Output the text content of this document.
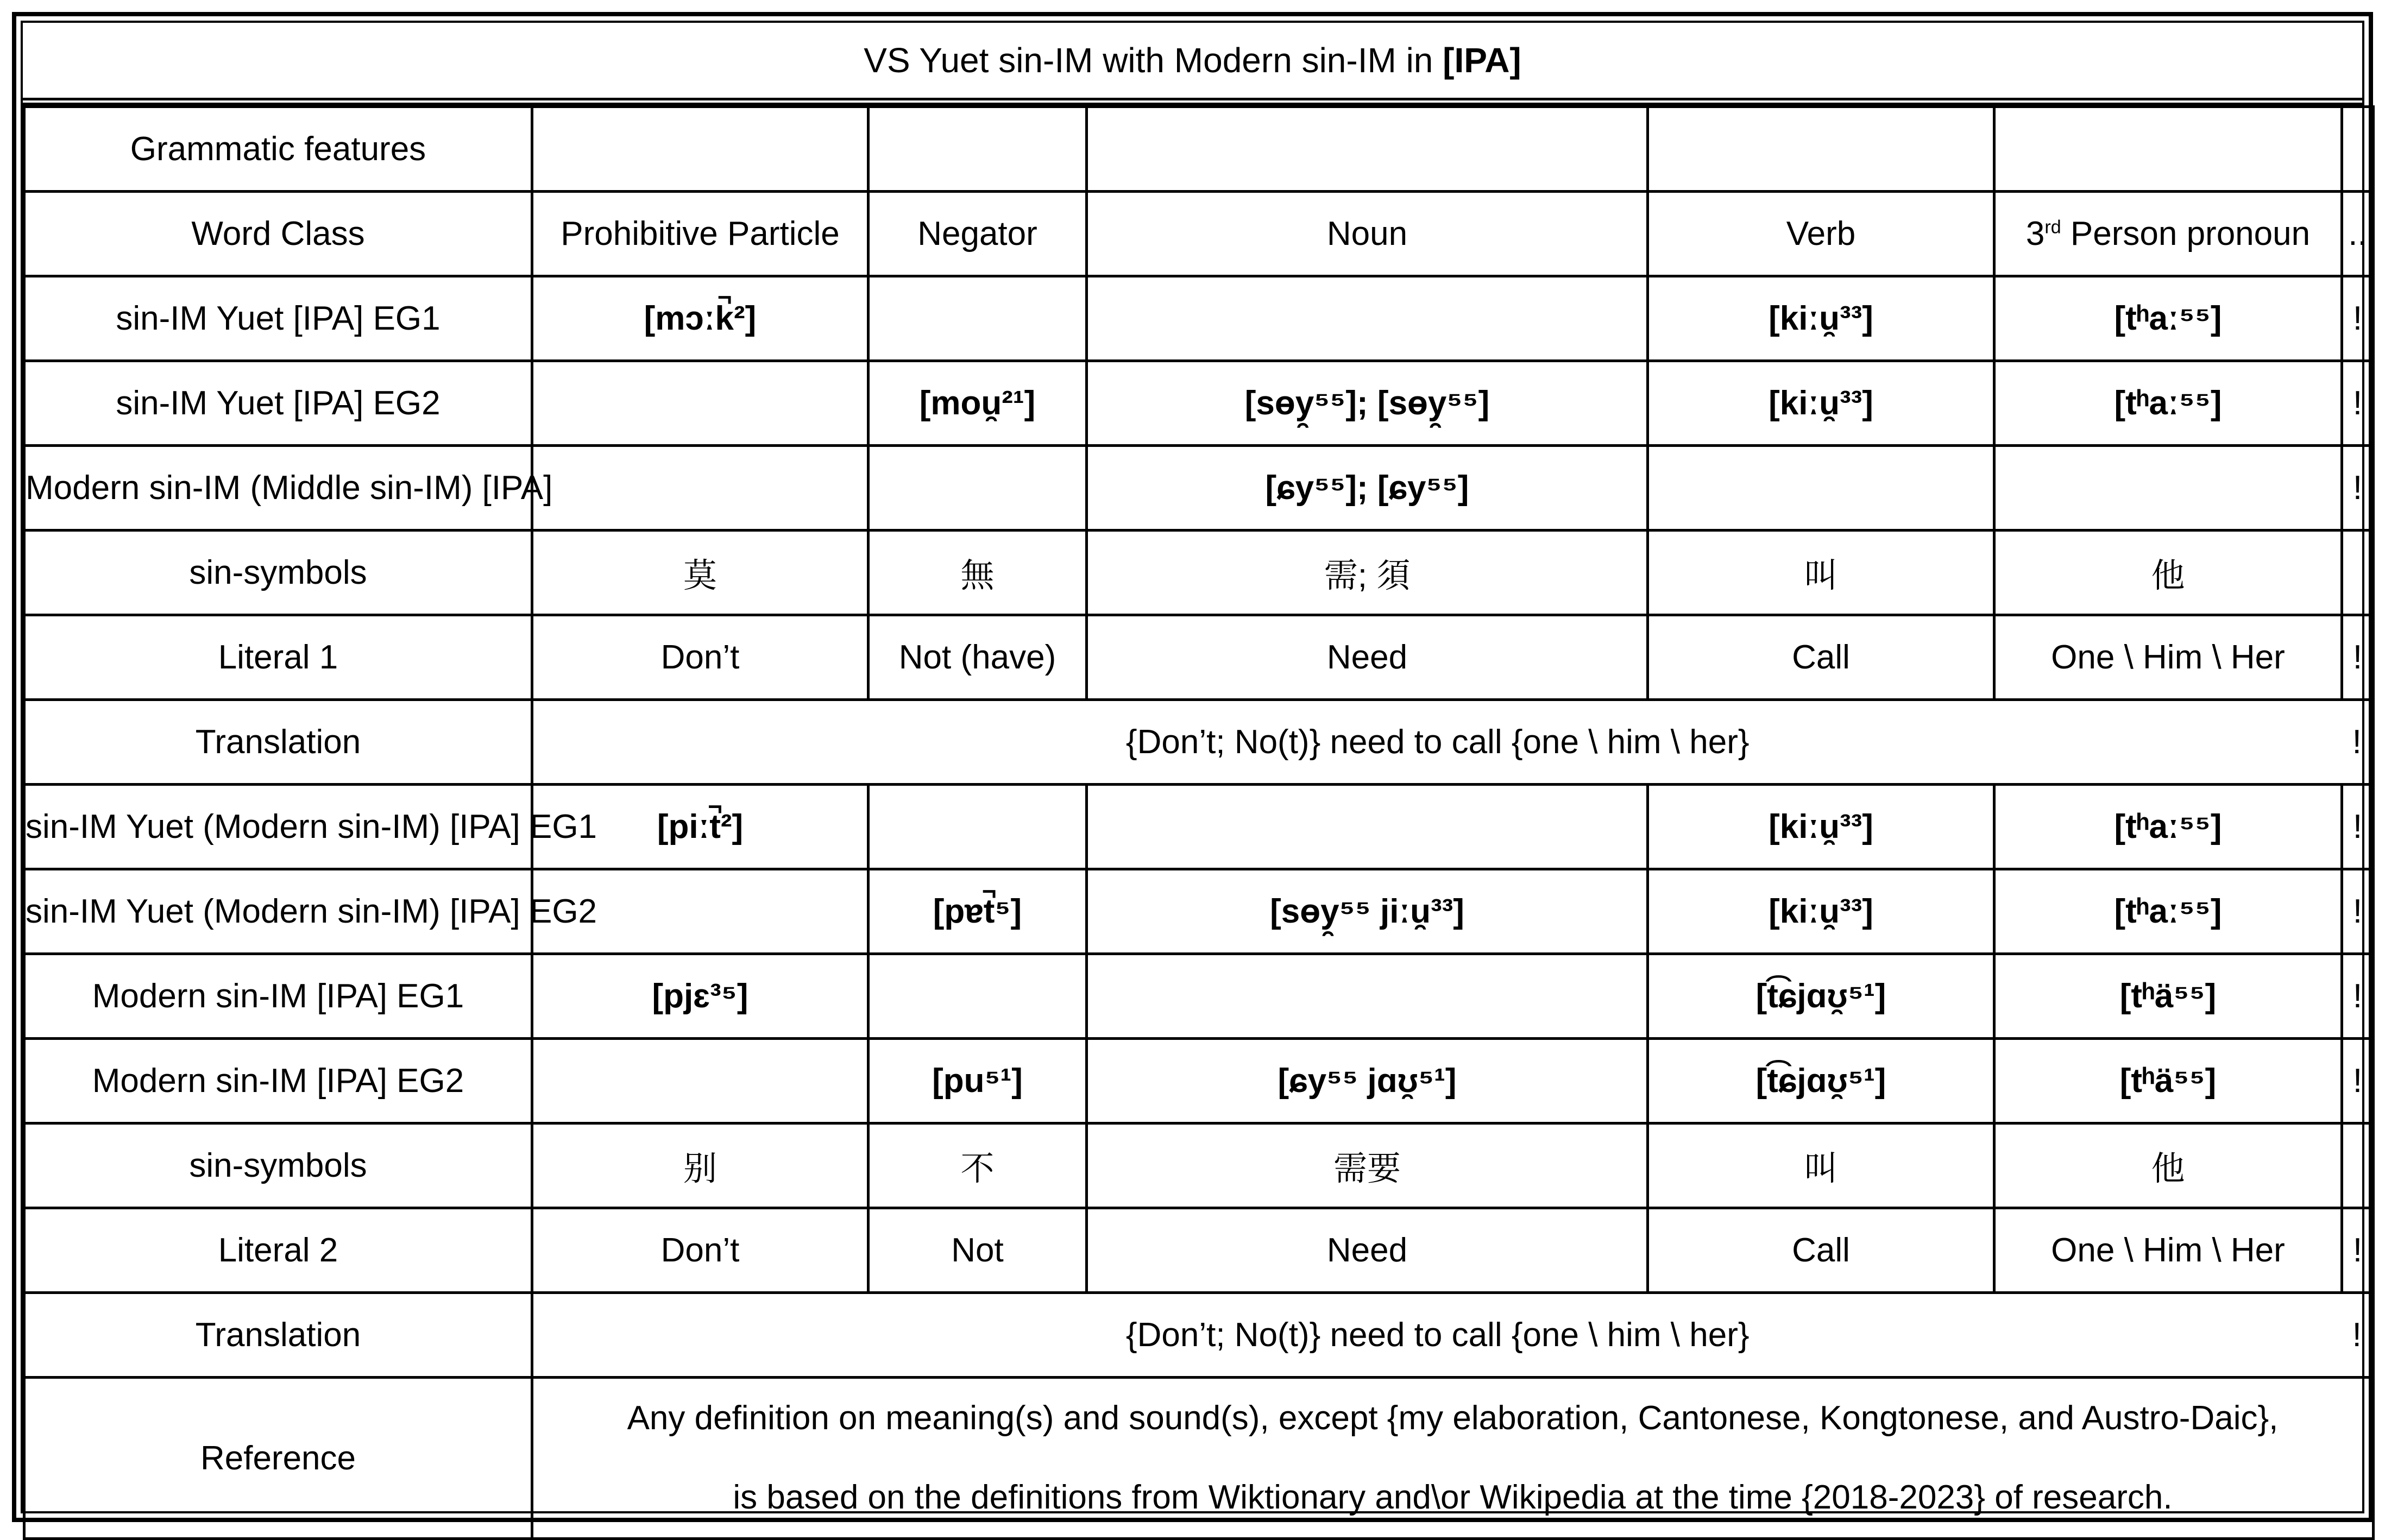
VS Yuet sin-IM with Modern sin-IM in
[IPA]
Grammatic features						
Word Class	Prohibitive Particle	Negator	Noun	Verb	3rd Person pronoun	..
sin-IM Yuet [IPA] EG1	[mɔːk̚²]			[kiːu̯³³]	[tʰaː⁵⁵]	!
sin-IM Yuet [IPA] EG2		[mou̯²¹]	[sɵy̯⁵⁵]; [sɵy̯⁵⁵]	[kiːu̯³³]	[tʰaː⁵⁵]	!
Modern sin-IM (Middle sin-IM) [IPA]			[ɕy⁵⁵]; [ɕy⁵⁵]			!
sin-symbols	莫	無	需; 須	叫	他	
Literal 1	Don’t	Not (have)	Need	Call	One \ Him \ Her	!
Translation	{Don’t; No(t)} need to call {one \ him \ her}					!
sin-IM Yuet (Modern sin-IM) [IPA] EG1	[piːt̚²]			[kiːu̯³³]	[tʰaː⁵⁵]	!
sin-IM Yuet (Modern sin-IM) [IPA] EG2		[pɐt̚⁵]	[sɵy̯⁵⁵ jiːu̯³³]	[kiːu̯³³]	[tʰaː⁵⁵]	!
Modern sin-IM [IPA] EG1	[pjɛ³⁵]			[t͡ɕjɑʊ̯⁵¹]	[tʰä⁵⁵]	!
Modern sin-IM [IPA] EG2		[pu⁵¹]	[ɕy⁵⁵ jɑʊ̯⁵¹]	[t͡ɕjɑʊ̯⁵¹]	[tʰä⁵⁵]	!
sin-symbols	别	不	需要	叫	他	
Literal 2	Don’t	Not	Need	Call	One \ Him \ Her	!
Translation	{Don’t; No(t)} need to call {one \ him \ her}					!
Reference	Any definition on meaning(s) and sound(s), except {my elaboration, Cantonese, Kongtonese, and Austro-Daic},
is based on the definitions from Wiktionary and\or Wikipedia at the time {2018-2023} of research.					
